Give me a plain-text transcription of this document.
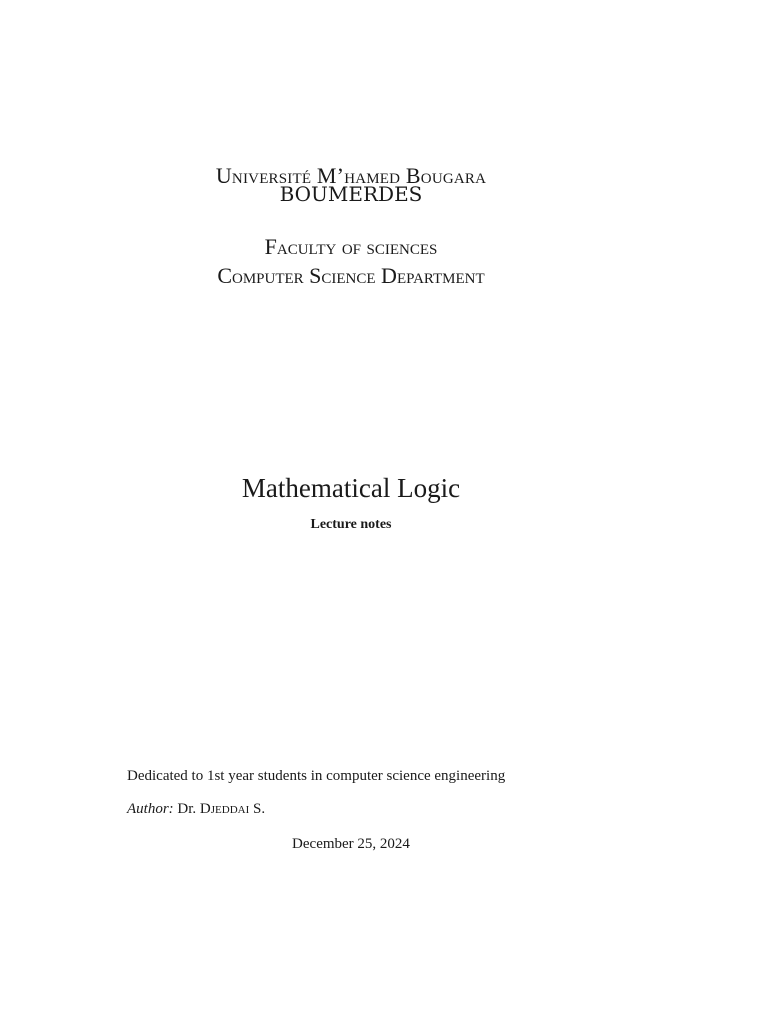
Université M’hamed Bougara
BOUMERDES
Faculty of sciences
Computer Science Department
Mathematical Logic
Lecture notes
Dedicated to 1st year students in computer science engineering
Author: Dr. Djeddai S.
December 25, 2024
